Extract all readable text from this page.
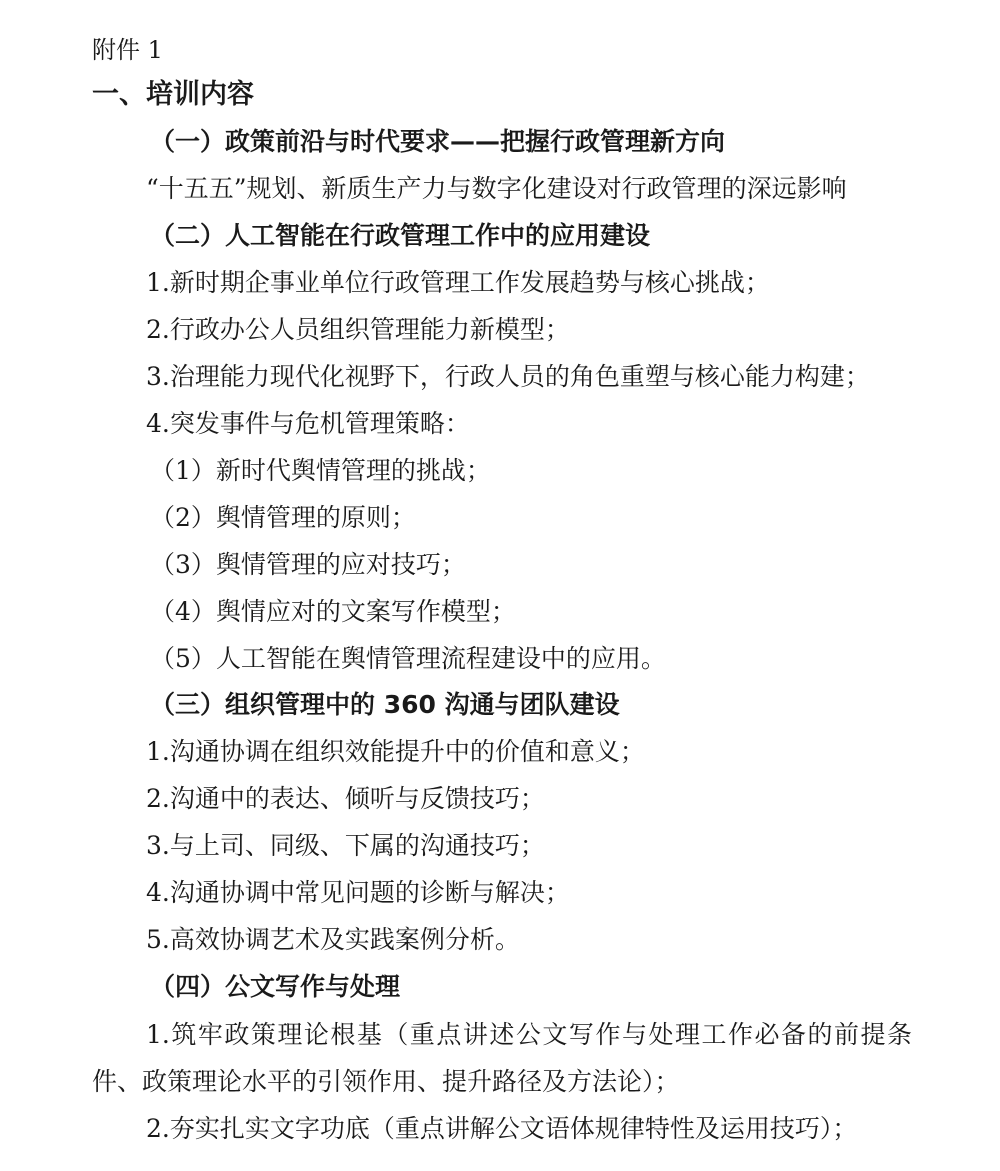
附件 1
一、培训内容
（一）政策前沿与时代要求——把握行政管理新方向
“十五五”规划、新质生产力与数字化建设对行政管理的深远影响
（二）人工智能在行政管理工作中的应用建设
1.新时期企事业单位行政管理工作发展趋势与核心挑战；
2.行政办公人员组织管理能力新模型；
3.治理能力现代化视野下，行政人员的角色重塑与核心能力构建；
4.突发事件与危机管理策略：
（1）新时代舆情管理的挑战；
（2）舆情管理的原则；
（3）舆情管理的应对技巧；
（4）舆情应对的文案写作模型；
（5）人工智能在舆情管理流程建设中的应用。
（三）组织管理中的 360 沟通与团队建设
1.沟通协调在组织效能提升中的价值和意义；
2.沟通中的表达、倾听与反馈技巧；
3.与上司、同级、下属的沟通技巧；
4.沟通协调中常见问题的诊断与解决；
5.高效协调艺术及实践案例分析。
（四）公文写作与处理
1.筑牢政策理论根基（重点讲述公文写作与处理工作必备的前提条
件、政策理论水平的引领作用、提升路径及方法论）；
2.夯实扎实文字功底（重点讲解公文语体规律特性及运用技巧）；
